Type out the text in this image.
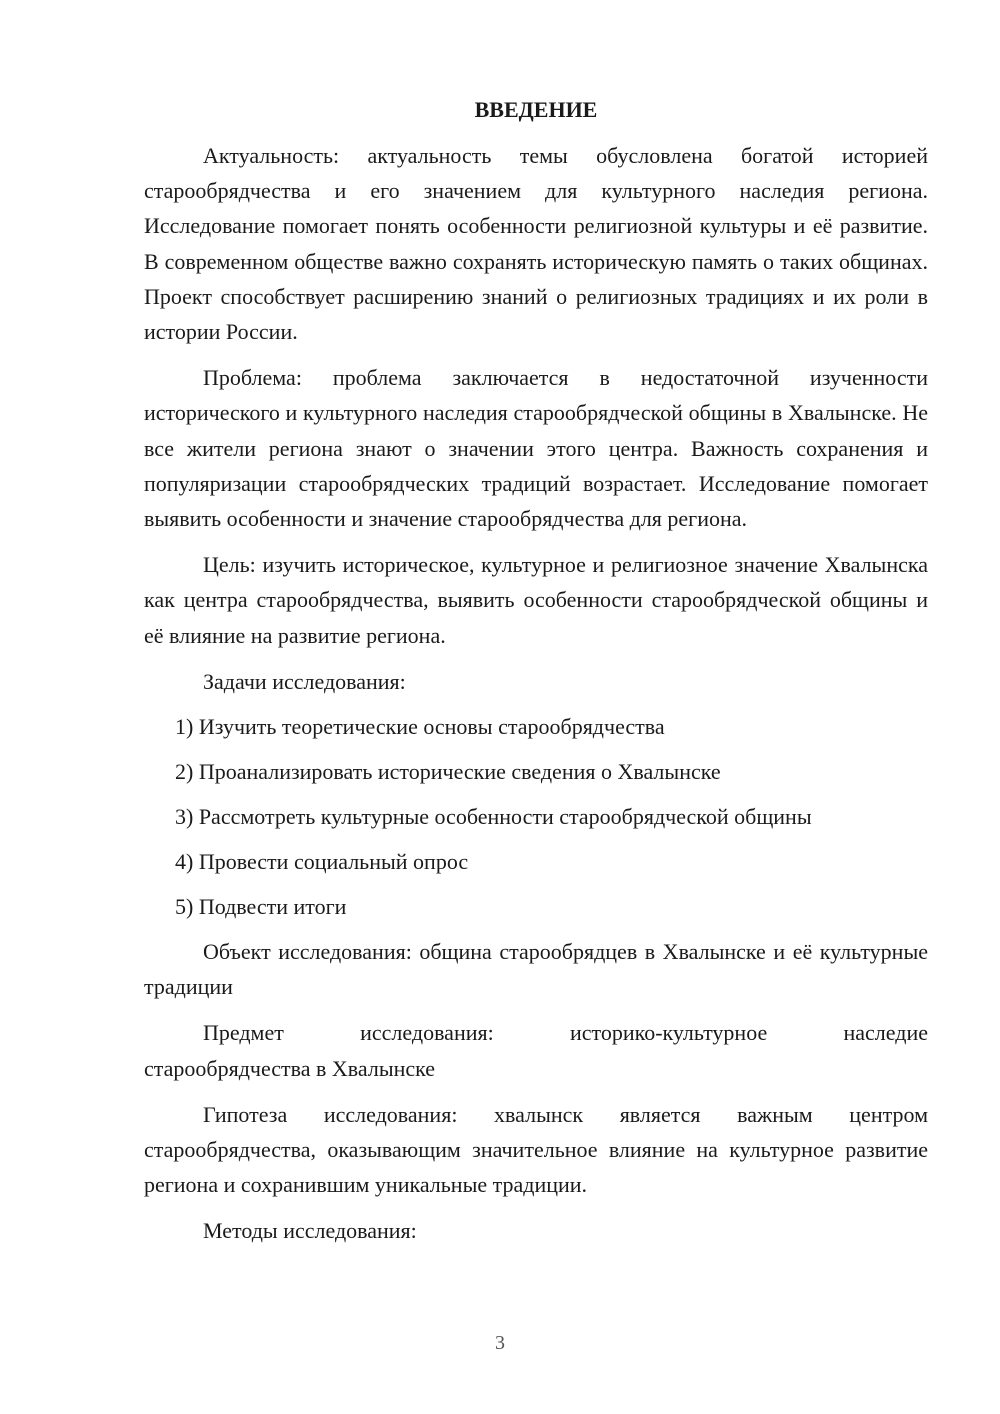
ВВЕДЕНИЕ

Актуальность: актуальность темы обусловлена богатой историей старообрядчества и его значением для культурного наследия региона. Исследование помогает понять особенности религиозной культуры и её развитие. В современном обществе важно сохранять историческую память о таких общинах. Проект способствует расширению знаний о религиозных традициях и их роли в истории России.

Проблема: проблема заключается в недостаточной изученности исторического и культурного наследия старообрядческой общины в Хвалынске. Не все жители региона знают о значении этого центра. Важность сохранения и популяризации старообрядческих традиций возрастает. Исследование помогает выявить особенности и значение старообрядчества для региона.

Цель: изучить историческое, культурное и религиозное значение Хвалынска как центра старообрядчества, выявить особенности старообрядческой общины и её влияние на развитие региона.

Задачи исследования:

1) Изучить теоретические основы старообрядчества

2) Проанализировать исторические сведения о Хвалынске

3) Рассмотреть культурные особенности старообрядческой общины

4) Провести социальный опрос

5) Подвести итоги

Объект исследования: община старообрядцев в Хвалынске и её культурные традиции

Предмет исследования: историко-культурное наследие

старообрядчества в Хвалынске

Гипотеза исследования: хвалынск является важным центром старообрядчества, оказывающим значительное влияние на культурное развитие региона и сохранившим уникальные традиции.

Методы исследования:

3
